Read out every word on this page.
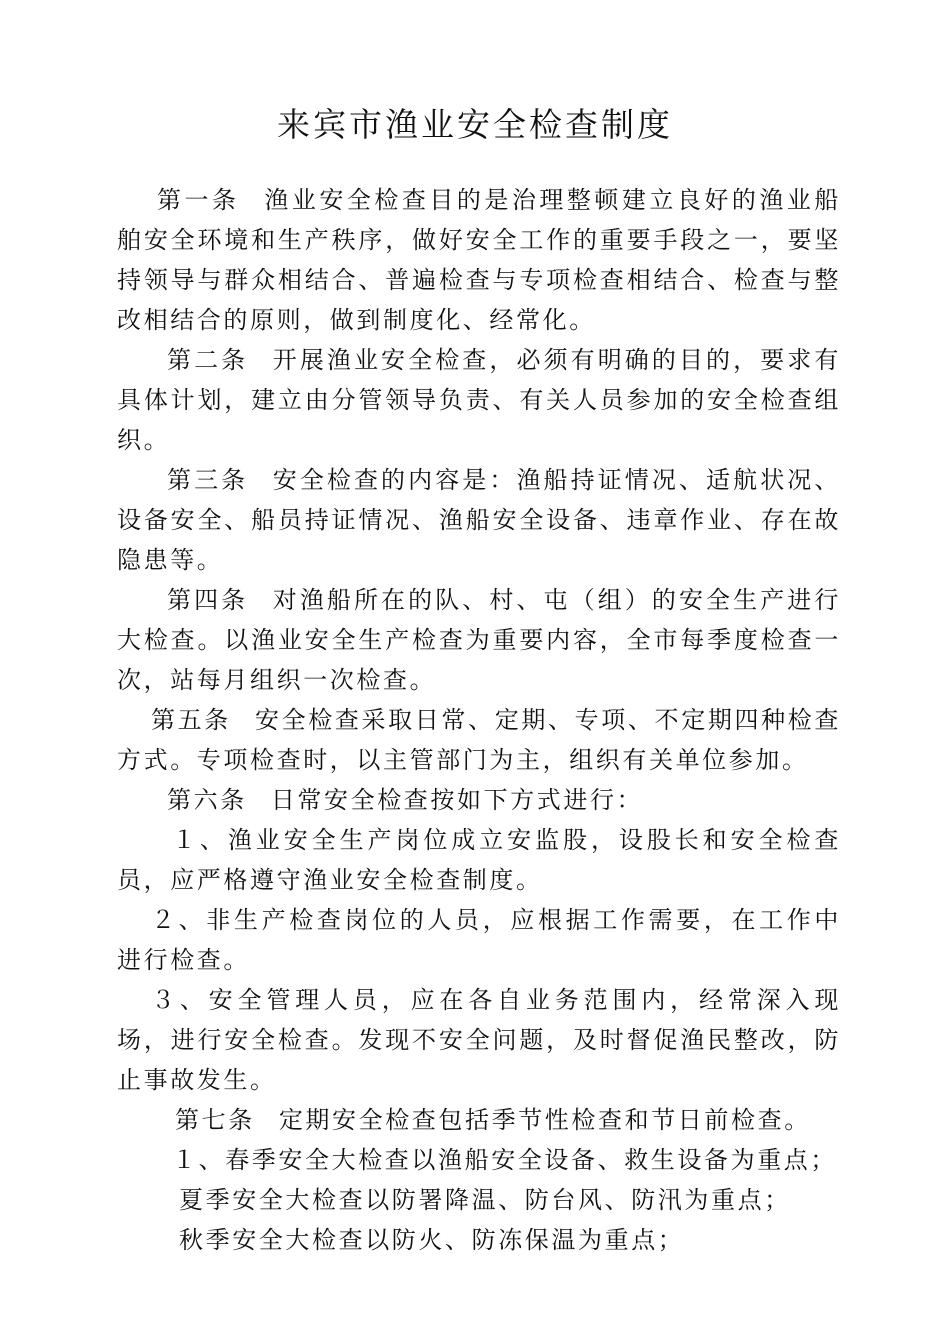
来宾市渔业安全检查制度

第一条 渔业安全检查目的是治理整顿建立良好的渔业船舶安全环境和生产秩序，做好安全工作的重要手段之一，要坚持领导与群众相结合、普遍检查与专项检查相结合、检查与整改相结合的原则，做到制度化、经常化。

第二条 开展渔业安全检查，必须有明确的目的，要求有具体计划，建立由分管领导负责、有关人员参加的安全检查组织。

第三条 安全检查的内容是：渔船持证情况、适航状况、设备安全、船员持证情况、渔船安全设备、违章作业、存在故隐患等。

第四条 对渔船所在的队、村、屯（组）的安全生产进行大检查。以渔业安全生产检查为重要内容，全市每季度检查一次，站每月组织一次检查。

第五条 安全检查采取日常、定期、专项、不定期四种检查方式。专项检查时，以主管部门为主，组织有关单位参加。

第六条 日常安全检查按如下方式进行：

１、渔业安全生产岗位成立安监股，设股长和安全检查员，应严格遵守渔业安全检查制度。

２、非生产检查岗位的人员，应根据工作需要，在工作中进行检查。

３、安全管理人员，应在各自业务范围内，经常深入现场，进行安全检查。发现不安全问题，及时督促渔民整改，防止事故发生。

第七条 定期安全检查包括季节性检查和节日前检查。

１、春季安全大检查以渔船安全设备、救生设备为重点；

夏季安全大检查以防署降温、防台风、防汛为重点；

秋季安全大检查以防火、防冻保温为重点；
